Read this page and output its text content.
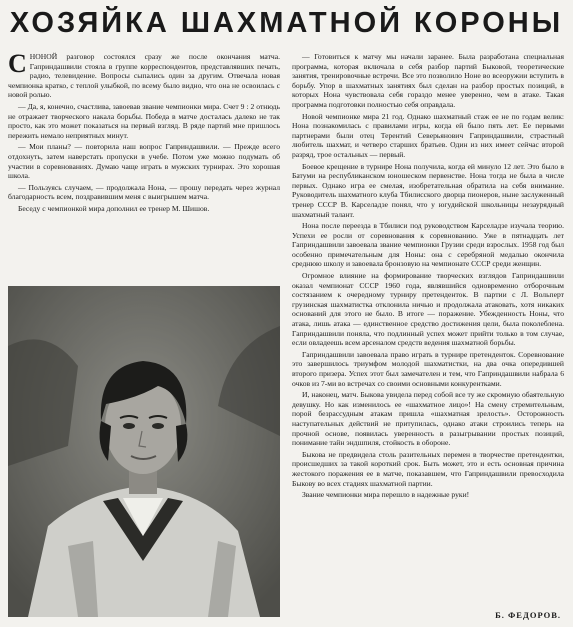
ХОЗЯЙКА ШАХМАТНОЙ КОРОНЫ

СНОНОЙ разговор состоялся сразу же после окончания матча. Гаприндашвили стояла в группе корреспондентов, представлявших печать, радио, телевидение. Вопросы сыпались один за другим. Отвечала новая чемпионка кратко, с теплой улыбкой, по всему было видно, что она не освоилась с новой ролью.

— Да, я, конечно, счастлива, завоевав звание чемпионки мира. Счет 9 : 2 отнюдь не отражает творческого накала борьбы. Победа в матче досталась далеко не так просто, как это может показаться на первый взгляд. В ряде партий мне пришлось пережить немало неприятных минут.

— Мои планы? — повторила наш вопрос Гаприндашвили. — Прежде всего отдохнуть, затем наверстать пропуски в учебе. Потом уже можно подумать об участии в соревнованиях. Думаю чаще играть в мужских турнирах. Это хорошая школа.

— Пользуясь случаем, — продолжала Нона, — прошу передать через журнал благодарность всем, поздравившим меня с выигрышем матча.

Беседу с чемпионкой мира дополнил ее тренер М. Шишов.

— Готовиться к матчу мы начали заранее. Была разработана специальная программа, которая включала в себя разбор партий Быковой, теоретические занятия, тренировочные встречи. Все это позволило Ноне во всеоружии вступить в борьбу. Упор в шахматных занятиях был сделан на разбор простых позиций, в которых Нона чувствовала себя гораздо менее уверенно, чем в атаке. Такая программа подготовки полностью себя оправдала.

Новой чемпионке мира 21 год. Однако шахматный стаж ее не по годам велик: Нона познакомилась с правилами игры, когда ей было пять лет. Ее первыми партнерами были отец Терентий Северьянович Гаприндашвили, страстный любитель шахмат, и четверо старших братьев. Один из них имеет сейчас второй разряд, трое остальных — первый.

Боевое крещение в турнире Нона получила, когда ей минуло 12 лет. Это было в Батуми на республиканском юношеском первенстве. Нона тогда не была в числе первых. Однако игра ее смелая, изобретательная обратила на себя внимание. Руководитель шахматного клуба Тбилисского дворца пионеров, ныне заслуженный тренер СССР В. Карселадзе понял, что у югудийской школьницы незаурядный шахматный талант.

Нона после переезда в Тбилиси под руководством Карселадзе изучала теорию. Успехи ее росли от соревнования к соревнованию. Уже в пятнадцать лет Гаприндашвили завоевала звание чемпионки Грузии среди взрослых. 1958 год был особенно примечательным для Ноны: она с серебряной медалью окончила среднюю школу и завоевала бронзовую на чемпионате СССР среди женщин.

Огромное влияние на формирование творческих взглядов Гаприндашвили оказал чемпионат СССР 1960 года, являвшийся одновременно отборочным состязанием к очередному турниру претенденток. В партии с Л. Вольперт грузинская шахматистка отклонила ничью и продолжала атаковать, хотя никаких оснований для этого не было. В итоге — поражение. Убежденность Ноны, что атака, лишь атака — единственное средство достижения цели, была поколеблена. Гаприндашвили поняла, что подлинный успех может прийти только в том случае, если овладеешь всем арсеналом средств ведения шахматной борьбы.

Гаприндашвили завоевала право играть в турнире претенденток. Соревнование это завершилось триумфом молодой шахматистки, на два очка опередившей второго призера. Успех этот был замечателен и тем, что Гаприндашвили набрала 6 очков из 7-ми во встречах со своими основными конкурентками.

И, наконец, матч. Быкова увидела перед собой все ту же скромную обаятельную девушку. Но как изменилось ее «шахматное лицо»! На смену стремительным, порой безрассудным атакам пришла «шахматная зрелость». Осторожность наступательных действий не притупилась, однако атаки строились теперь на прочной основе, появилась уверенность в разыгрывании простых позиций, понимание тайн эндшпиля, стойкость в обороне.

Быкова не предвидела столь разительных перемен в творчестве претендентки, происшедших за такой короткий срок. Быть может, это и есть основная причина жестокого поражения ее в матче, показавшем, что Гаприндашвили превосходила Быкову во всех стадиях шахматной партии.

Звание чемпионки мира перешло в надежные руки!

Б. ФЕДОРОВ.
